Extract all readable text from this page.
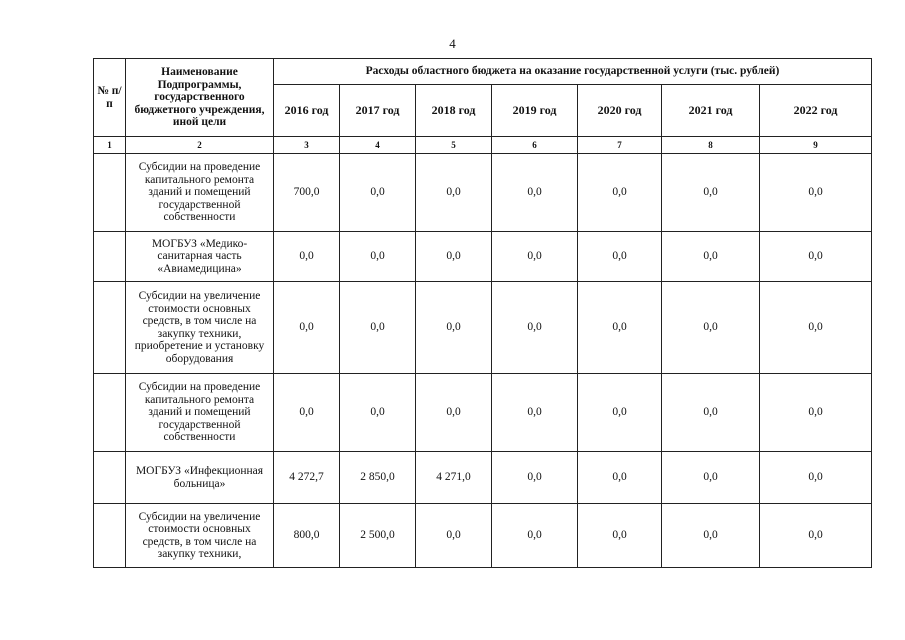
4
№ п/п	Наименование Подпрограммы, государственного бюджетного учреждения, иной цели	Расходы областного бюджета на оказание государственной услуги (тыс. рублей)						
		2016 год	2017 год	2018 год	2019 год	2020 год	2021 год	2022 год
1	2	3	4	5	6	7	8	9
	Субсидии на проведение капитального ремонта зданий и помещений государственной собственности	700,0	0,0	0,0	0,0	0,0	0,0	0,0
	МОГБУЗ «Медико-санитарная часть «Авиамедицина»	0,0	0,0	0,0	0,0	0,0	0,0	0,0
	Субсидии на увеличение стоимости основных средств, в том числе на закупку техники, приобретение и установку оборудования	0,0	0,0	0,0	0,0	0,0	0,0	0,0
	Субсидии на проведение капитального ремонта зданий и помещений государственной собственности	0,0	0,0	0,0	0,0	0,0	0,0	0,0
	МОГБУЗ «Инфекционная больница»	4 272,7	2 850,0	4 271,0	0,0	0,0	0,0	0,0
	Субсидии на увеличение стоимости основных средств, в том числе на закупку техники,	800,0	2 500,0	0,0	0,0	0,0	0,0	0,0
